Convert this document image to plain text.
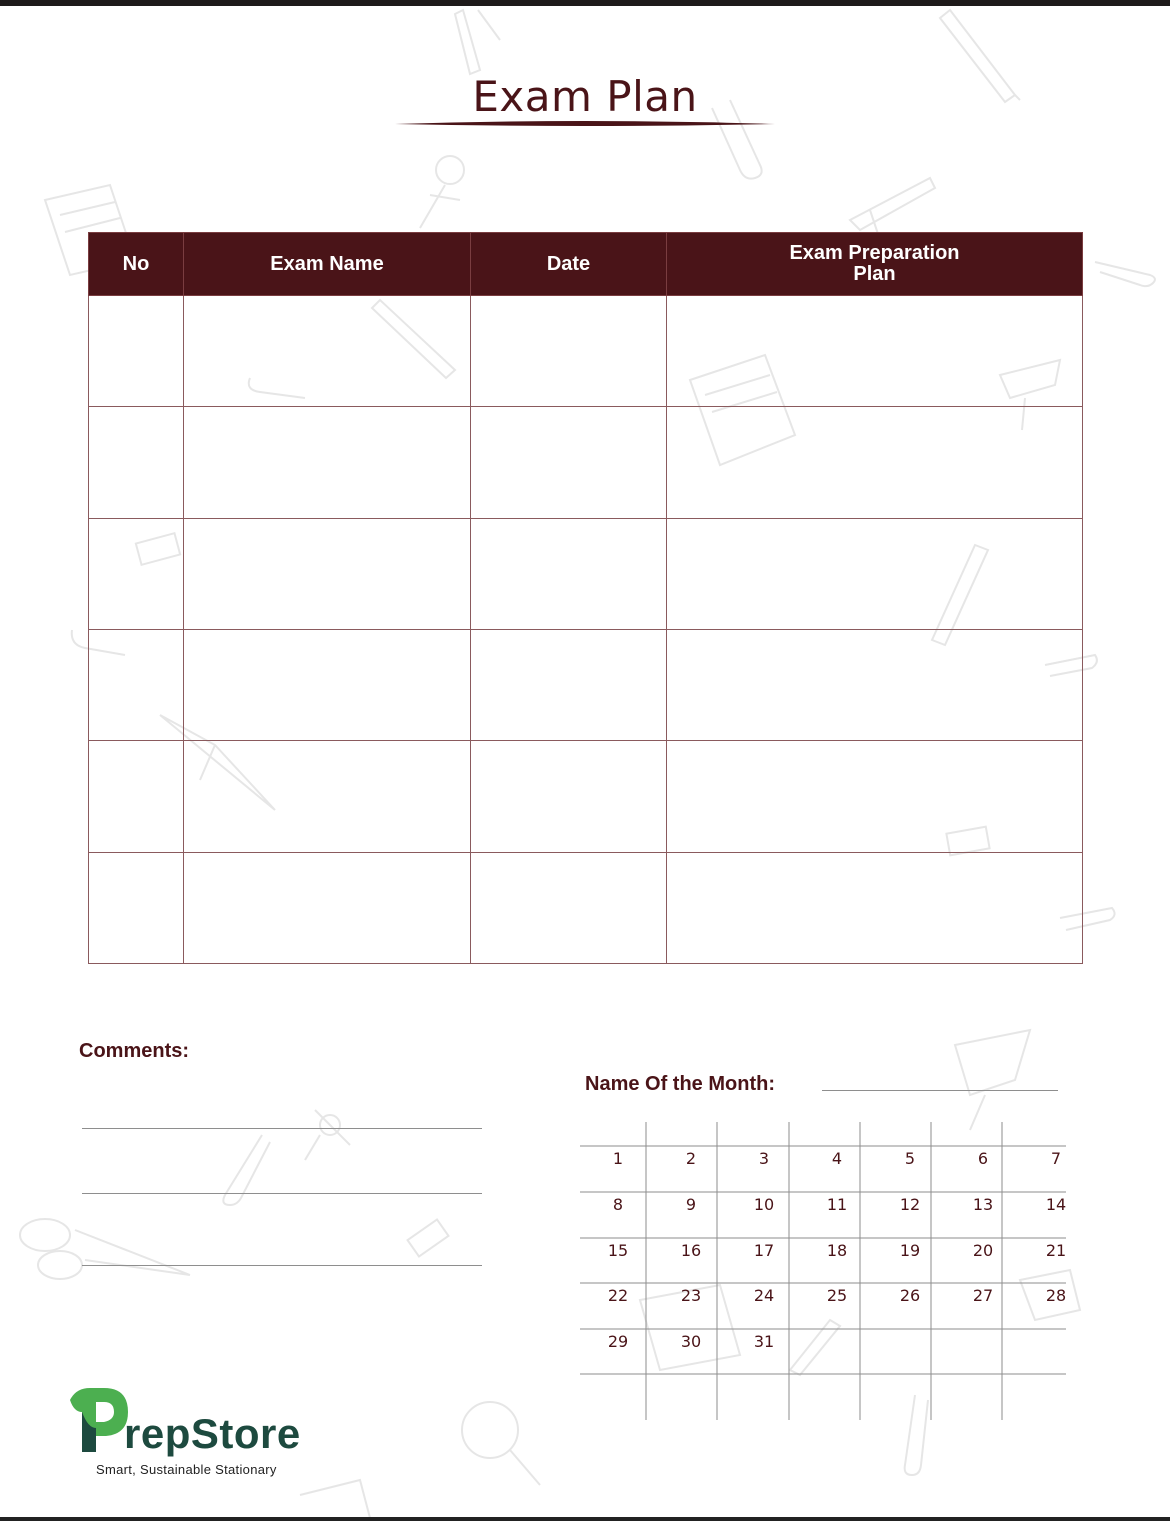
Exam Plan
No	Exam Name	Date	Exam Preparation
Plan

Comments:
Name Of the Month:
1	2	3	4	5	6	7
8	9	10	11	12	13	14
15	16	17	18	19	20	21
22	23	24	25	26	27	28
29	30	31
repStore
Smart, Sustainable Stationary
